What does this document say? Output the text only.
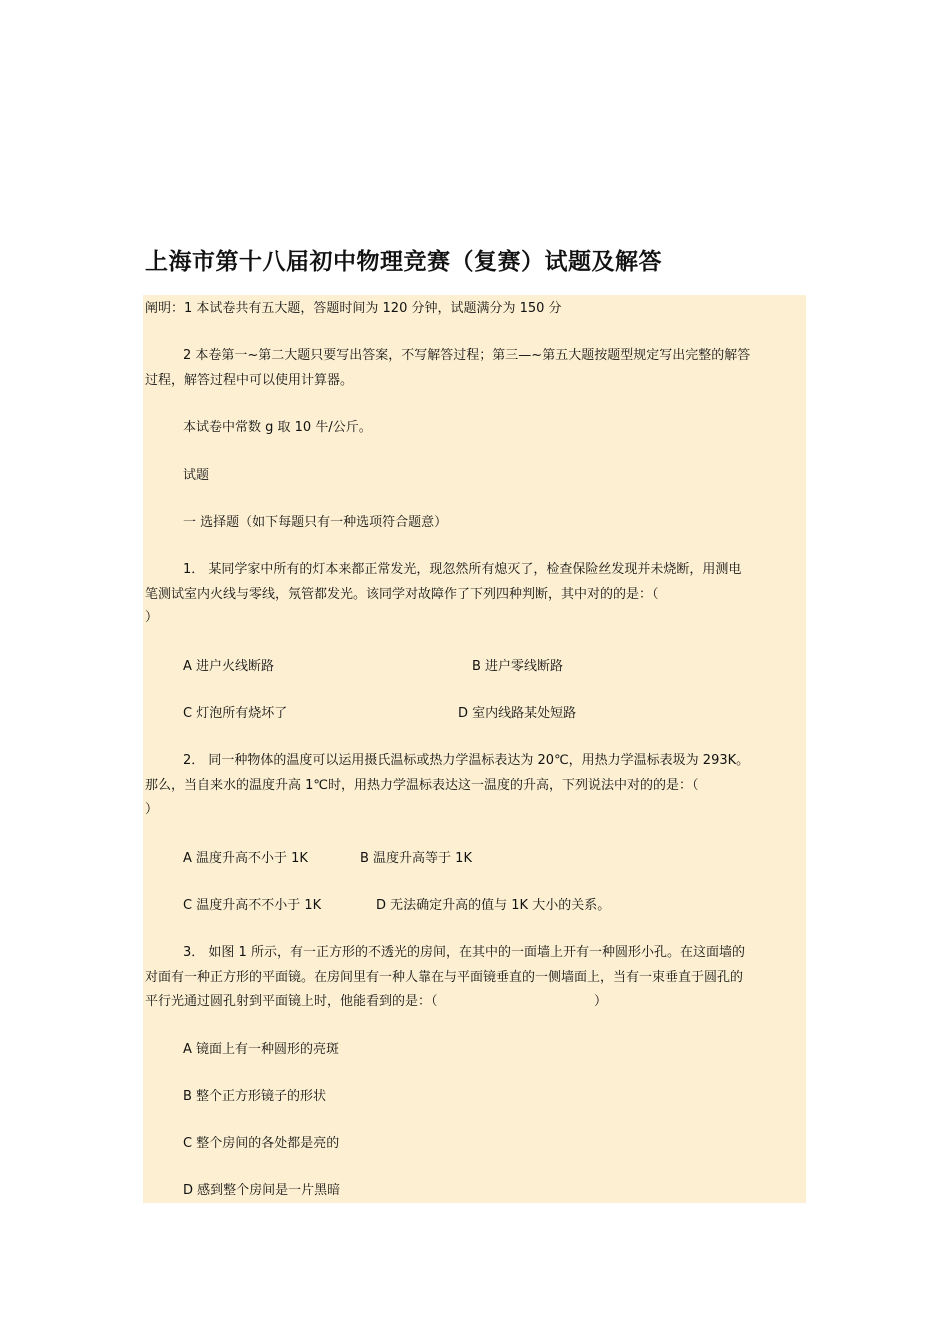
上海市第十八届初中物理竞赛（复赛）试题及解答
阐明：1 本试卷共有五大题，答题时间为 120 分钟，试题满分为 150 分
2 本卷第一~第二大题只要写出答案，不写解答过程；第三—~第五大题按题型规定写出完整的解答
过程，解答过程中可以使用计算器。
本试卷中常数 g 取 10 牛/公斤。
试题
一 选择题（如下每题只有一种选项符合题意）
1． 某同学家中所有的灯本来都正常发光，现忽然所有熄灭了，检查保险丝发现并未烧断，用测电
笔测试室内火线与零线，氖管都发光。该同学对故障作了下列四种判断，其中对的的是：（
）
A 进户火线断路	B 进户零线断路
C 灯泡所有烧坏了	D 室内线路某处短路
2． 同一种物体的温度可以运用摄氏温标或热力学温标表达为 20℃，用热力学温标表圾为 293K。
那么，当自来水的温度升高 1℃时，用热力学温标表达这一温度的升高，下列说法中对的的是：（
）
A 温度升高不小于 1K	B 温度升高等于 1K
C 温度升高不不小于 1K	D 无法确定升高的值与 1K 大小的关系。
3． 如图 1 所示，有一正方形的不透光的房间，在其中的一面墙上开有一种圆形小孔。在这面墙的
对面有一种正方形的平面镜。在房间里有一种人靠在与平面镜垂直的一侧墙面上，当有一束垂直于圆孔的
平行光通过圆孔射到平面镜上时，他能看到的是：（	）
A 镜面上有一种圆形的亮斑
B 整个正方形镜子的形状
C 整个房间的各处都是亮的
D 感到整个房间是一片黑暗
